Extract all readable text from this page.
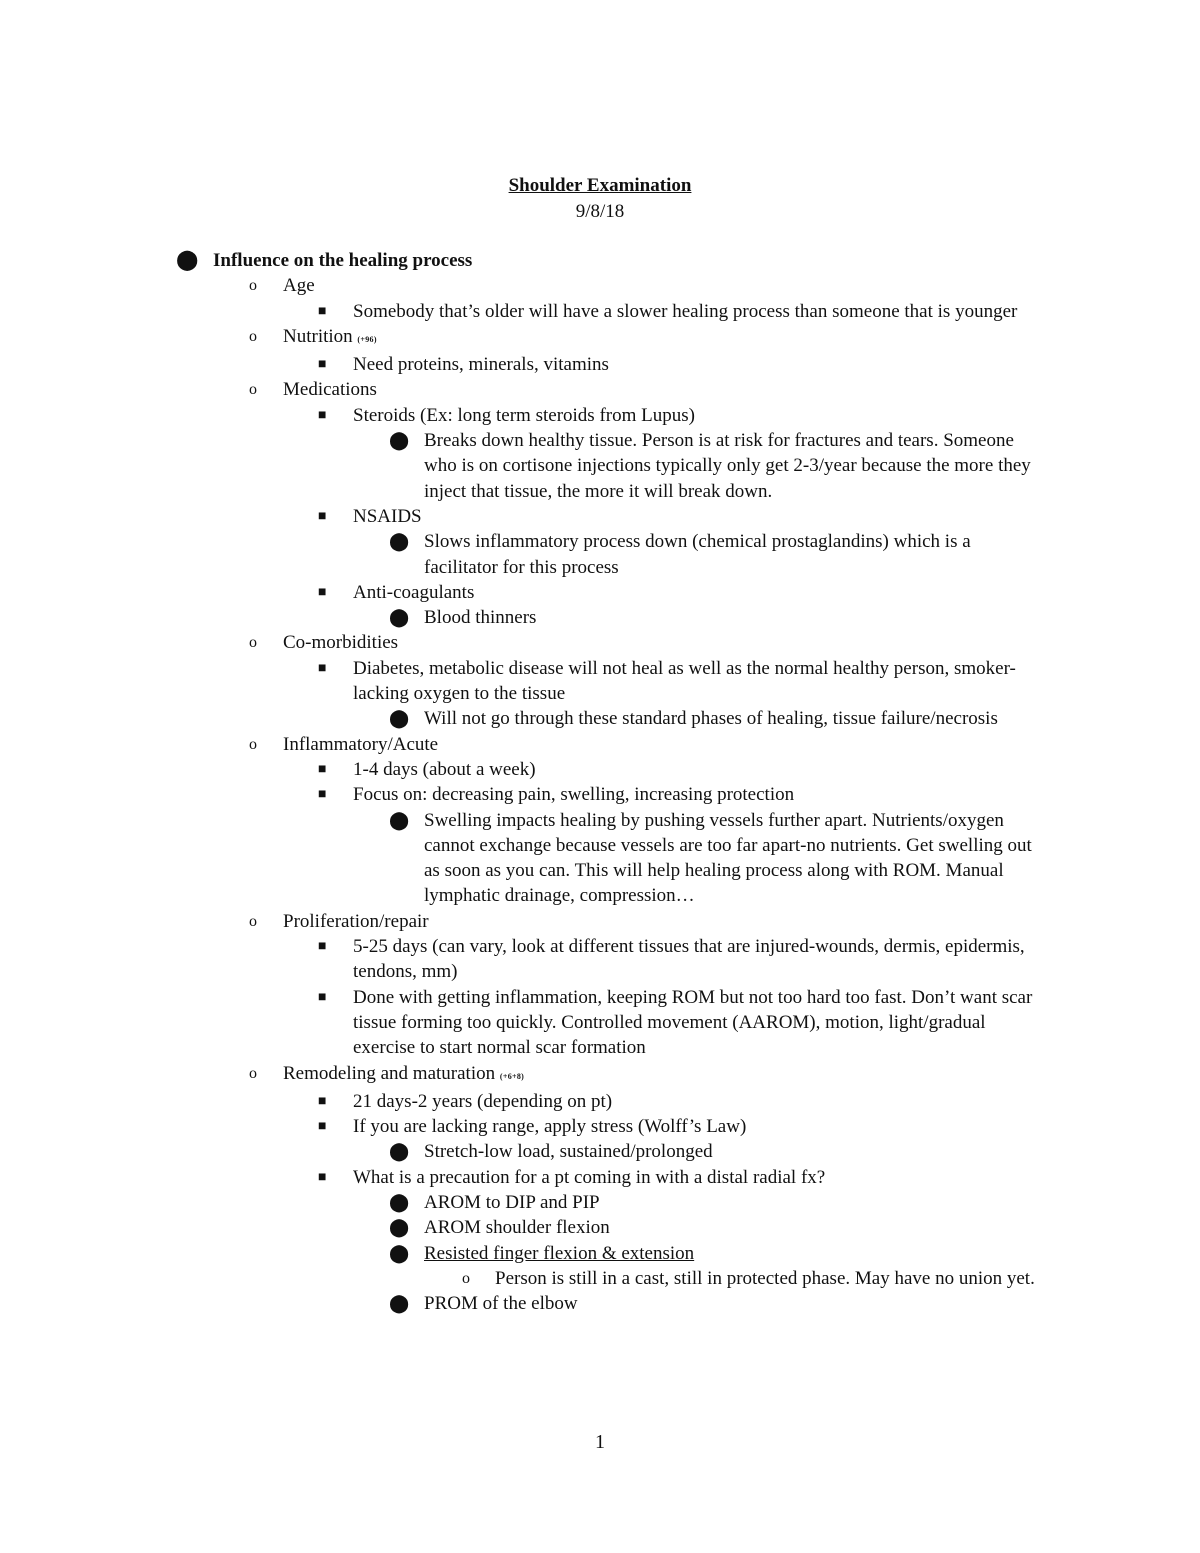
Shoulder Examination
9/8/18
⬤ Influence on the healing process
o Age
■ Somebody that’s older will have a slower healing process than someone that is younger
o Nutrition (+96)
■ Need proteins, minerals, vitamins
o Medications
■ Steroids (Ex: long term steroids from Lupus)
⬤ Breaks down healthy tissue. Person is at risk for fractures and tears. Someone who is on cortisone injections typically only get 2-3/year because the more they inject that tissue, the more it will break down.
■ NSAIDS
⬤ Slows inflammatory process down (chemical prostaglandins) which is a facilitator for this process
■ Anti-coagulants
⬤ Blood thinners
o Co-morbidities
■ Diabetes, metabolic disease will not heal as well as the normal healthy person, smoker-lacking oxygen to the tissue
⬤ Will not go through these standard phases of healing, tissue failure/necrosis
o Inflammatory/Acute
■ 1-4 days (about a week)
■ Focus on: decreasing pain, swelling, increasing protection
⬤ Swelling impacts healing by pushing vessels further apart. Nutrients/oxygen cannot exchange because vessels are too far apart-no nutrients. Get swelling out as soon as you can. This will help healing process along with ROM. Manual lymphatic drainage, compression…
o Proliferation/repair
■ 5-25 days (can vary, look at different tissues that are injured-wounds, dermis, epidermis, tendons, mm)
■ Done with getting inflammation, keeping ROM but not too hard too fast. Don’t want scar tissue forming too quickly. Controlled movement (AAROM), motion, light/gradual exercise to start normal scar formation
o Remodeling and maturation (+6+8)
■ 21 days-2 years (depending on pt)
■ If you are lacking range, apply stress (Wolff’s Law)
⬤ Stretch-low load, sustained/prolonged
■ What is a precaution for a pt coming in with a distal radial fx?
⬤ AROM to DIP and PIP
⬤ AROM shoulder flexion
⬤ Resisted finger flexion & extension
o Person is still in a cast, still in protected phase. May have no union yet.
⬤ PROM of the elbow
1
